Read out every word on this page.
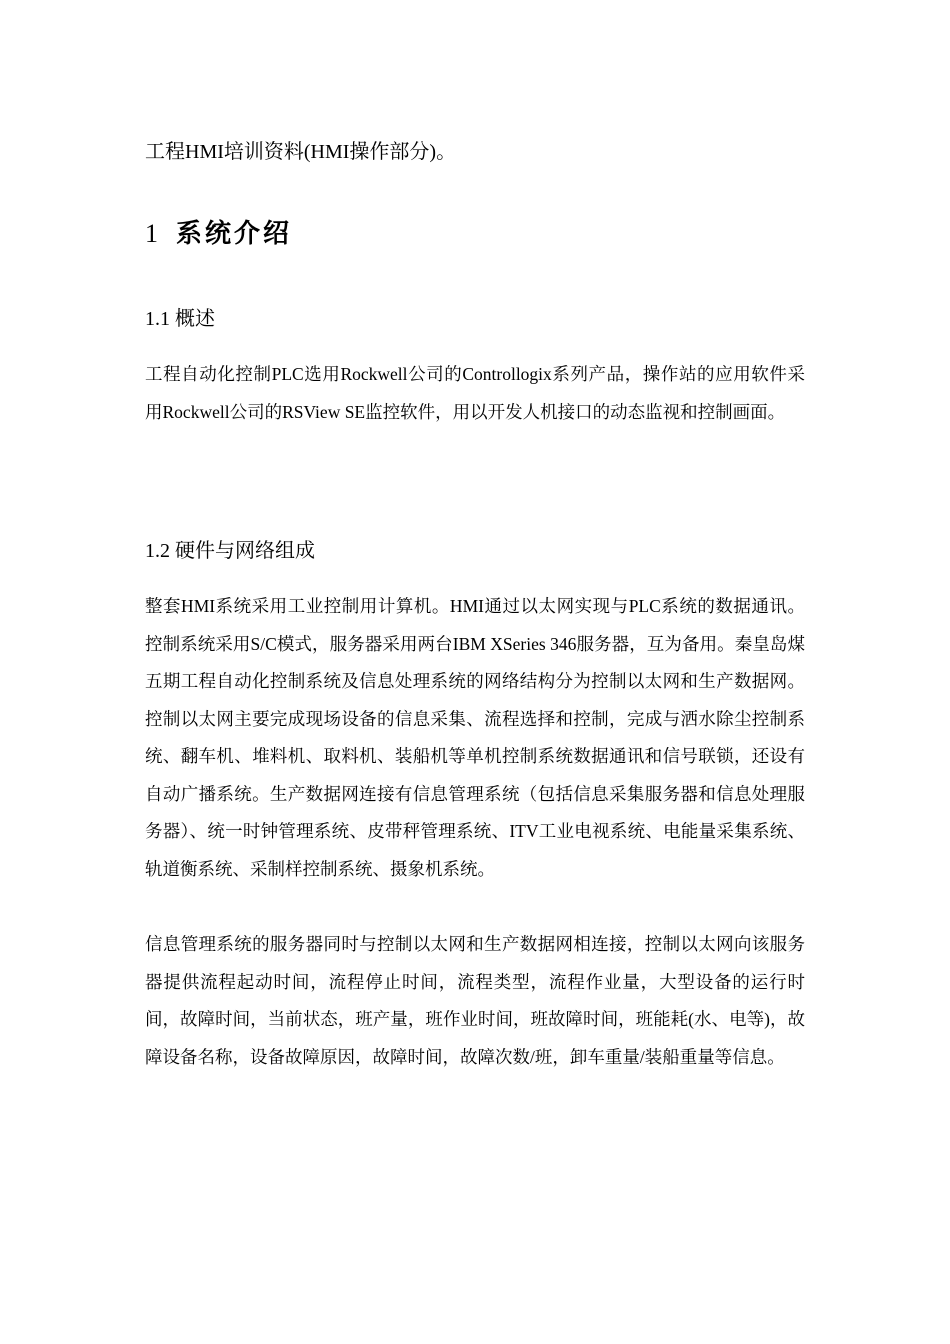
工程HMI培训资料(HMI操作部分)。
1 系统介绍
1.1 概述

工程自动化控制PLC选用Rockwell公司的Controllogix系列产品，操作站的应用软件采用Rockwell公司的RSView SE监控软件，用以开发人机接口的动态监视和控制画面。

1.2 硬件与网络组成

整套HMI系统采用工业控制用计算机。HMI通过以太网实现与PLC系统的数据通讯。控制系统采用S/C模式，服务器采用两台IBM XSeries 346服务器，互为备用。秦皇岛煤五期工程自动化控制系统及信息处理系统的网络结构分为控制以太网和生产数据网。控制以太网主要完成现场设备的信息采集、流程选择和控制，完成与洒水除尘控制系统、翻车机、堆料机、取料机、装船机等单机控制系统数据通讯和信号联锁，还设有自动广播系统。生产数据网连接有信息管理系统（包括信息采集服务器和信息处理服务器）、统一时钟管理系统、皮带秤管理系统、ITV工业电视系统、电能量采集系统、轨道衡系统、采制样控制系统、摄象机系统。

信息管理系统的服务器同时与控制以太网和生产数据网相连接，控制以太网向该服务器提供流程起动时间，流程停止时间，流程类型，流程作业量，大型设备的运行时间，故障时间，当前状态，班产量，班作业时间，班故障时间，班能耗(水、电等)，故障设备名称，设备故障原因，故障时间，故障次数/班，卸车重量/装船重量等信息。
